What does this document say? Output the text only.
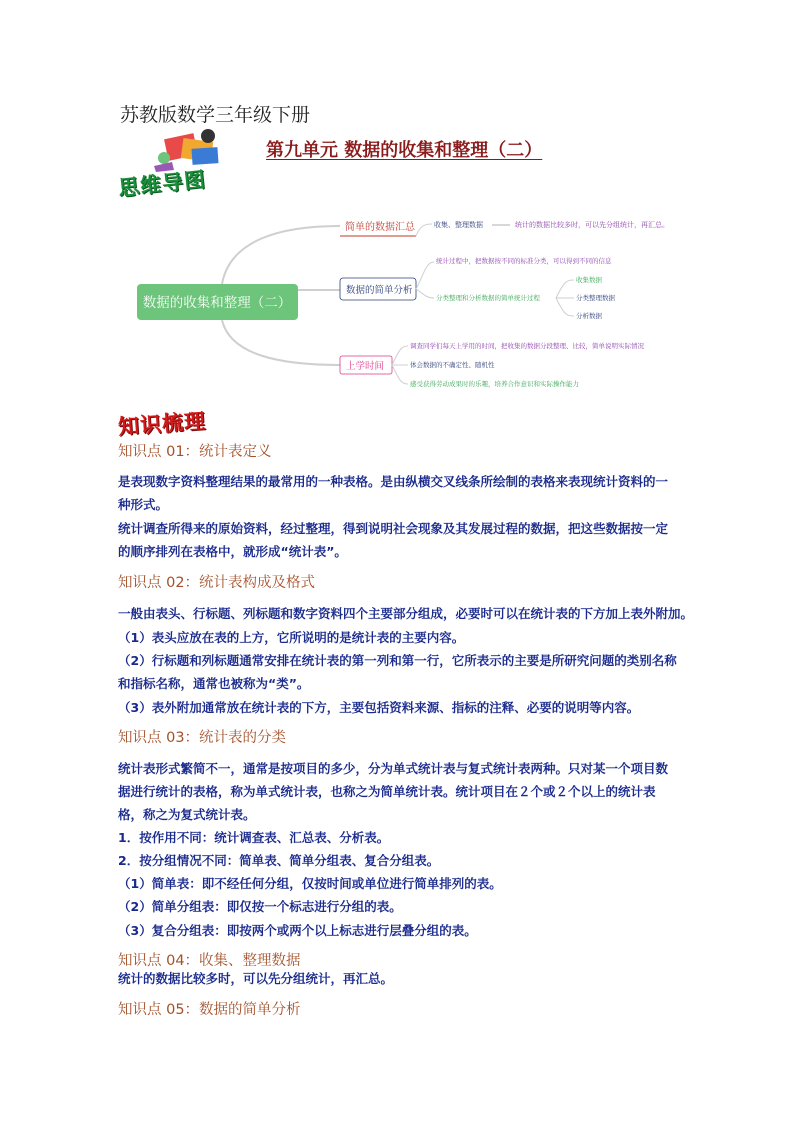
苏教版数学三年级下册
第九单元 数据的收集和整理（二）
思维导图
数据的收集和整理（二）
简单的数据汇总	收集、整理数据	统计的数据比较多时，可以先分组统计，再汇总。
数据的简单分析
统计过程中，把数据按不同的标准分类，可以得到不同的信息
分类整理和分析数据的简单统计过程
收集数据
分类整理数据
分析数据
上学时间
调查同学们每天上学用的时间，把收集的数据分段整理、比较，简单说明实际情况
体会数据的不确定性、随机性
感受获得劳动成果时的乐趣，培养合作意识和实际操作能力
知识梳理
知识点 01：统计表定义
是表现数字资料整理结果的最常用的一种表格。是由纵横交叉线条所绘制的表格来表现统计资料的一种形式。
统计调查所得来的原始资料，经过整理，得到说明社会现象及其发展过程的数据，把这些数据按一定的顺序排列在表格中，就形成“统计表”。
知识点 02：统计表构成及格式
一般由表头、行标题、列标题和数字资料四个主要部分组成，必要时可以在统计表的下方加上表外附加。
（1）表头应放在表的上方，它所说明的是统计表的主要内容。
（2）行标题和列标题通常安排在统计表的第一列和第一行，它所表示的主要是所研究问题的类别名称和指标名称，通常也被称为“类”。
（3）表外附加通常放在统计表的下方，主要包括资料来源、指标的注释、必要的说明等内容。
知识点 03：统计表的分类
统计表形式繁简不一，通常是按项目的多少，分为单式统计表与复式统计表两种。只对某一个项目数据进行统计的表格，称为单式统计表，也称之为简单统计表。统计项目在２个或２个以上的统计表格，称之为复式统计表。
1．按作用不同：统计调查表、汇总表、分析表。
2．按分组情况不同：简单表、简单分组表、复合分组表。
（1）简单表：即不经任何分组，仅按时间或单位进行简单排列的表。
（2）简单分组表：即仅按一个标志进行分组的表。
（3）复合分组表：即按两个或两个以上标志进行层叠分组的表。
知识点 04：收集、整理数据
统计的数据比较多时，可以先分组统计，再汇总。
知识点 05：数据的简单分析
